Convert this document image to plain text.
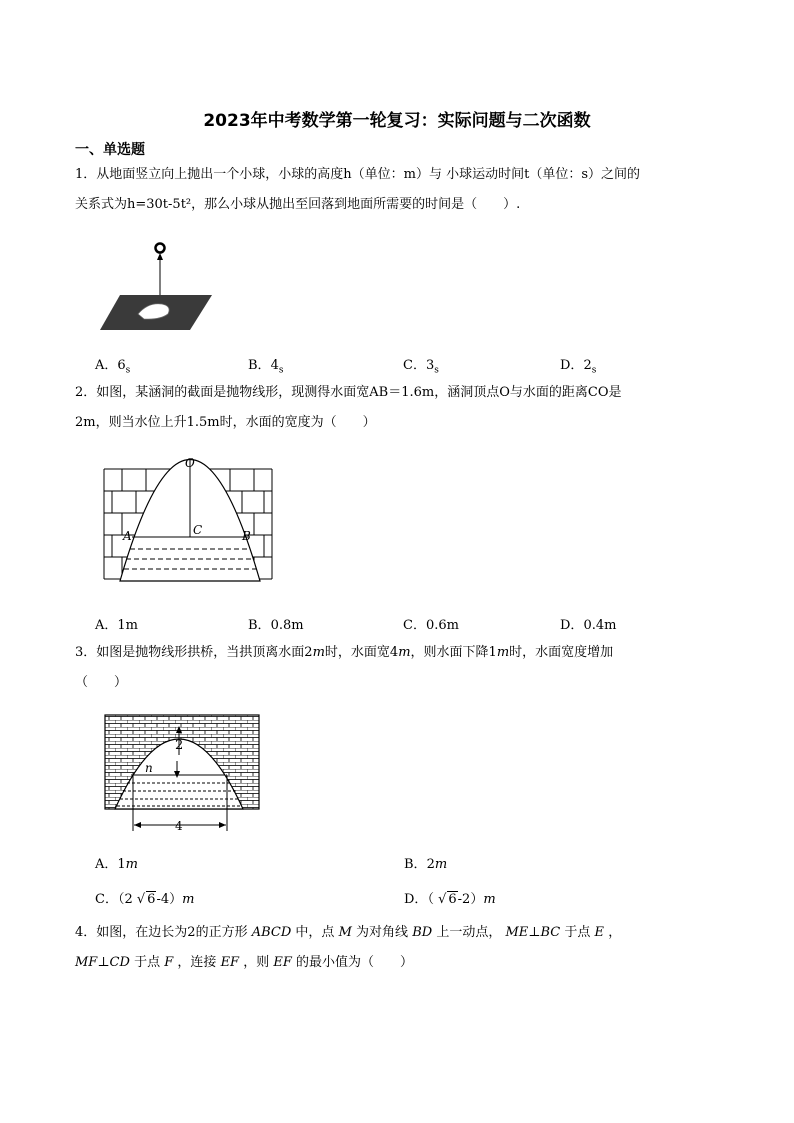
2023年中考数学第一轮复习：实际问题与二次函数
一、单选题
1．从地面竖立向上抛出一个小球，小球的高度h（单位：m）与 小球运动时间t（单位：s）之间的
关系式为h=30t-5t²，那么小球从抛出至回落到地面所需要的时间是（　　）.
A．$6_s$	B．$4_s$	C．$3_s$	D．$2_s$
2．如图，某涵洞的截面是抛物线形，现测得水面宽AB＝1.6m，涵洞顶点O与水面的距离CO是
2m，则当水位上升1.5m时，水面的宽度为（　　）
O
C
A	B
A．1m	B．0.8m	C．0.6m	D．0.4m
3．如图是抛物线形拱桥，当拱顶离水面2m时，水面宽4m，则水面下降1m时，水面宽度增加
（　　）
2
n
4
A．1m	B．2m
C．（2 √ 6-4）m	D．（ √ 6-2）m
4．如图，在边长为2的正方形 ABCD 中，点 M 为对角线 BD 上一动点， ME⊥BC 于点 E ，
MF⊥CD 于点 F ，连接 EF ，则 EF 的最小值为（　　）
